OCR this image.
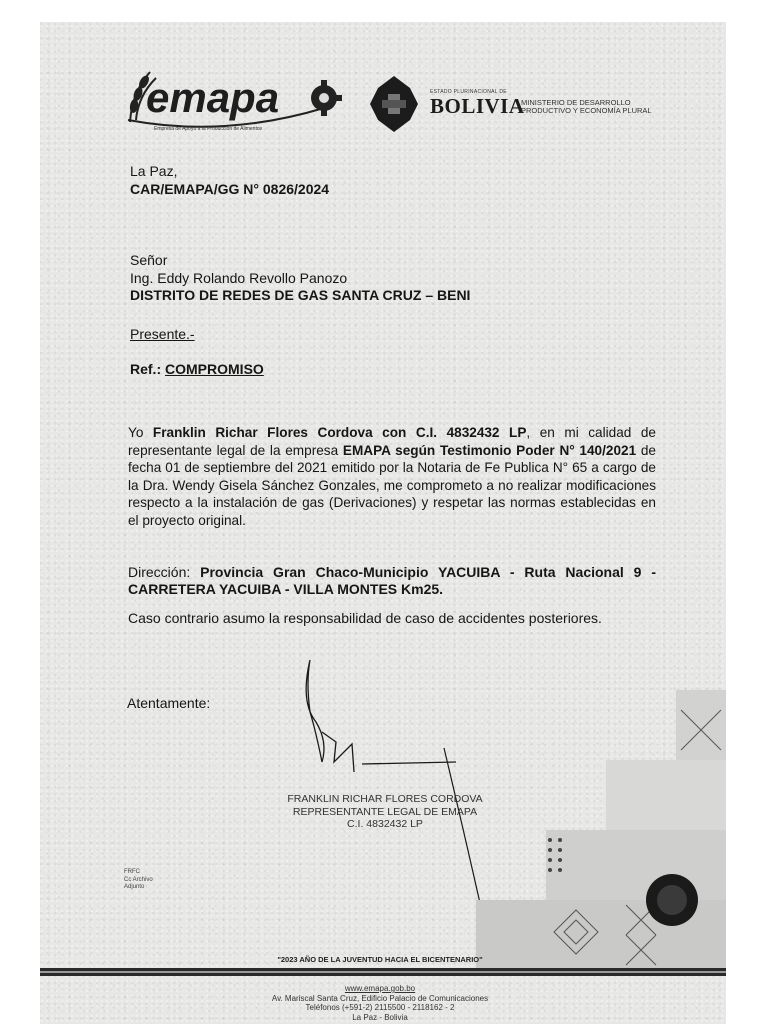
emapa
Empresa de Apoyo a la Producción de Alimentos
ESTADO PLURINACIONAL DE
BOLIVIA
MINISTERIO DE DESARROLLO
PRODUCTIVO Y ECONOMÍA PLURAL
La Paz,
CAR/EMAPA/GG N° 0826/2024
Señor
Ing. Eddy Rolando Revollo Panozo
DISTRITO DE REDES DE GAS SANTA CRUZ – BENI
Presente.-
Ref.: COMPROMISO
Yo Franklin Richar Flores Cordova con C.I. 4832432 LP, en mi calidad de representante legal de la empresa EMAPA según Testimonio Poder N° 140/2021 de fecha 01 de septiembre del 2021 emitido por la Notaria de Fe Publica N° 65 a cargo de la Dra. Wendy Gisela Sánchez Gonzales, me comprometo a no realizar modificaciones respecto a la instalación de gas (Derivaciones) y respetar las normas establecidas en el proyecto original.
Dirección: Provincia Gran Chaco-Municipio YACUIBA - Ruta Nacional 9 - CARRETERA YACUIBA - VILLA MONTES Km25.
Caso contrario asumo la responsabilidad de caso de accidentes posteriores.
Atentamente:
FRANKLIN RICHAR FLORES CORDOVA
REPRESENTANTE LEGAL DE EMAPA
C.I. 4832432 LP
FRFC
Cc Archivo
Adjunto
"2023 AÑO DE LA JUVENTUD HACIA EL BICENTENARIO"
www.emapa.gob.bo
Av. Mariscal Santa Cruz, Edificio Palacio de Comunicaciones
Teléfonos (+591-2) 2115500 - 2118162 - 2
La Paz - Bolivia
